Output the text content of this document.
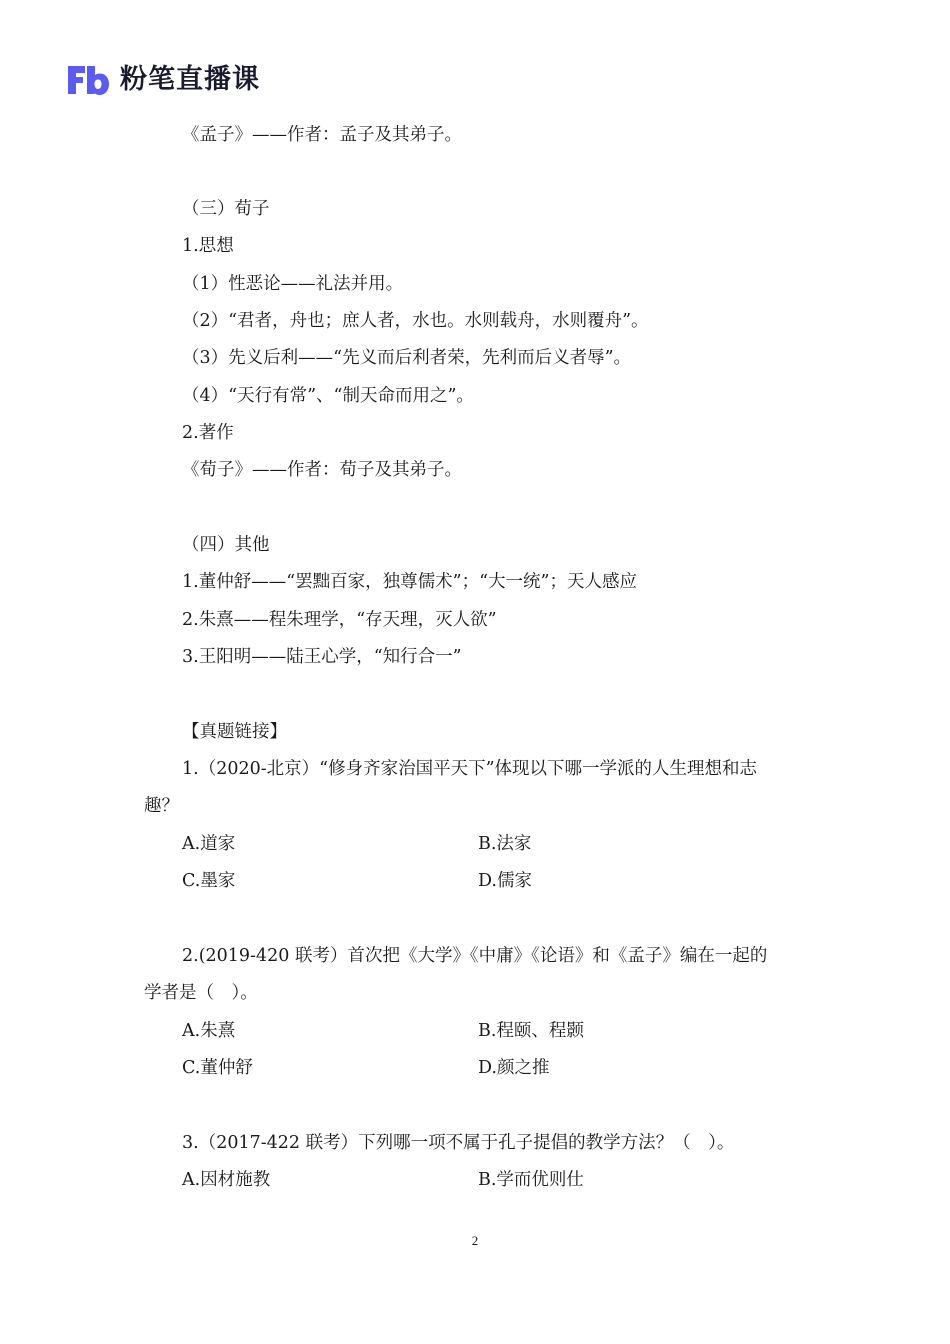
粉笔直播课
《孟子》——作者：孟子及其弟子。
（三）荀子
1.思想
（1）性恶论——礼法并用。
（2）“君者，舟也；庶人者，水也。水则载舟，水则覆舟”。
（3）先义后利——“先义而后利者荣，先利而后义者辱”。
（4）“天行有常”、“制天命而用之”。
2.著作
《荀子》——作者：荀子及其弟子。
（四）其他
1.董仲舒——“罢黜百家，独尊儒术”；“大一统”；天人感应
2.朱熹——程朱理学，“存天理，灭人欲”
3.王阳明——陆王心学，“知行合一”
【真题链接】
1.（2020-北京）“修身齐家治国平天下”体现以下哪一学派的人生理想和志
趣？
A.道家	B.法家
C.墨家	D.儒家
2.(2019-420 联考）首次把《大学》《中庸》《论语》和《孟子》编在一起的
学者是（　）。
A.朱熹	B.程颐、程颢
C.董仲舒	D.颜之推
3.（2017-422 联考）下列哪一项不属于孔子提倡的教学方法？（　）。
A.因材施教	B.学而优则仕
2
